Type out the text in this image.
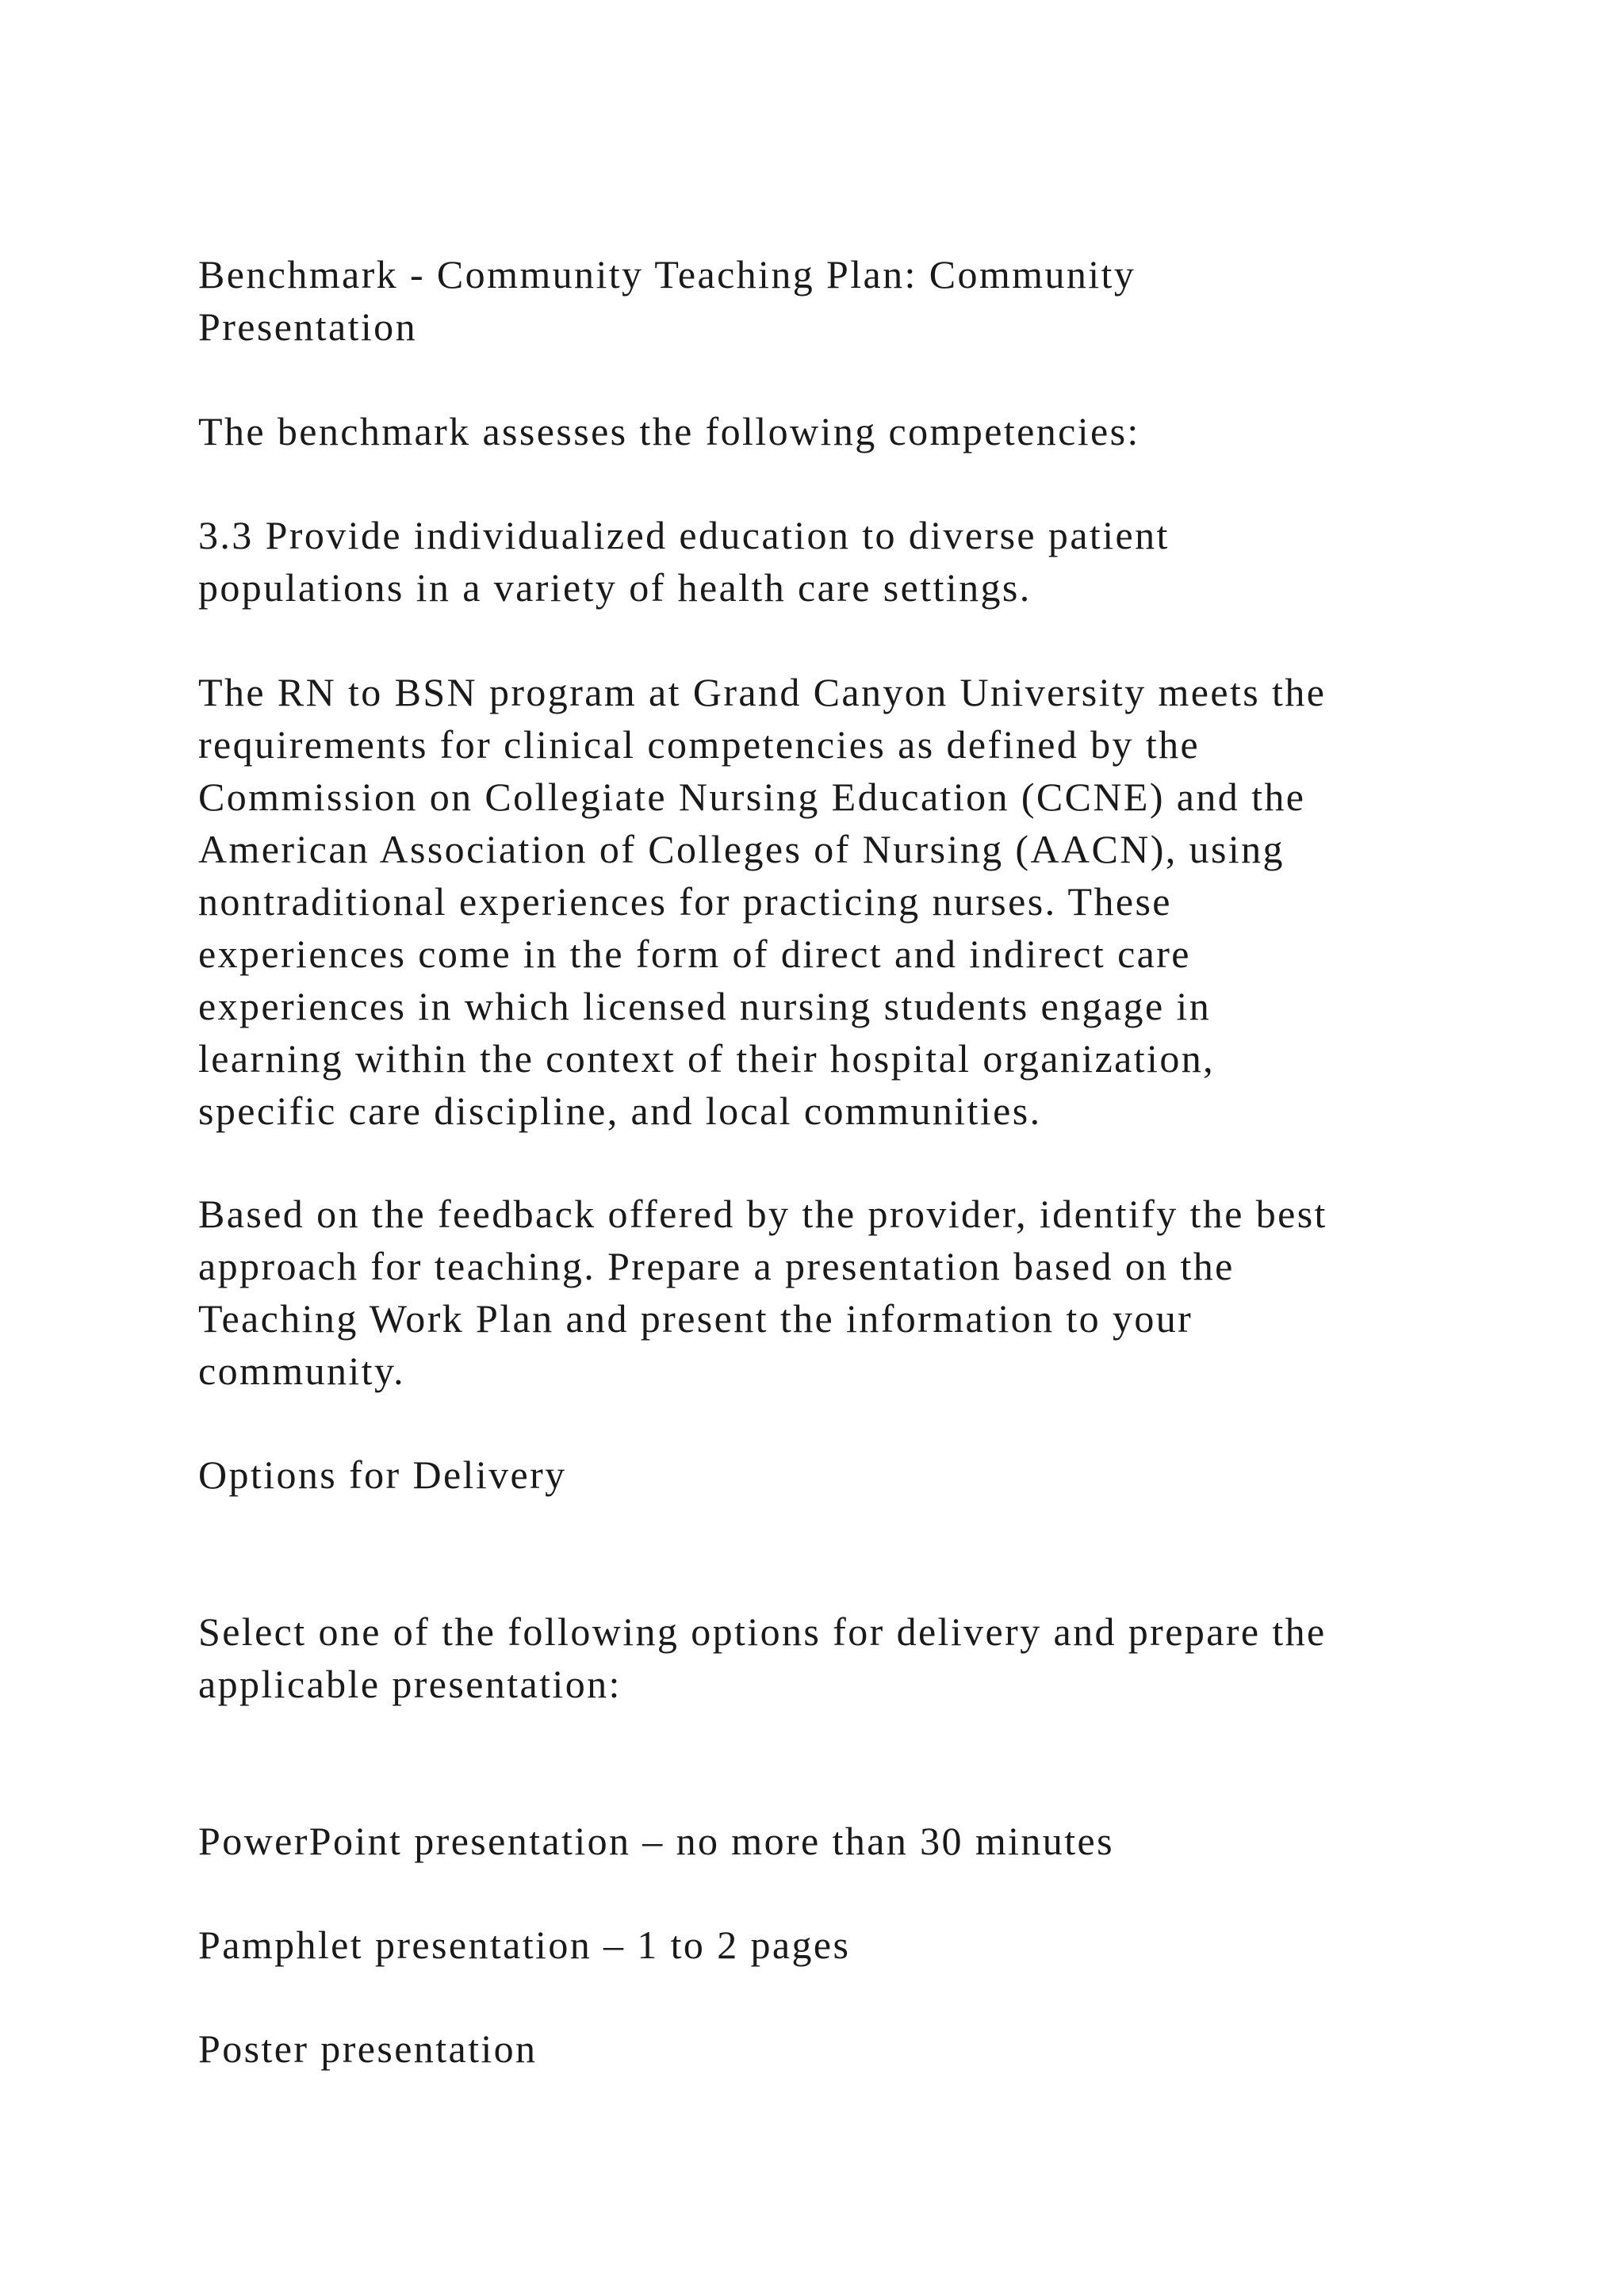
Benchmark - Community Teaching Plan: Community
Presentation

The benchmark assesses the following competencies:

3.3 Provide individualized education to diverse patient
populations in a variety of health care settings.

The RN to BSN program at Grand Canyon University meets the
requirements for clinical competencies as defined by the
Commission on Collegiate Nursing Education (CCNE) and the
American Association of Colleges of Nursing (AACN), using
nontraditional experiences for practicing nurses. These
experiences come in the form of direct and indirect care
experiences in which licensed nursing students engage in
learning within the context of their hospital organization,
specific care discipline, and local communities.

Based on the feedback offered by the provider, identify the best
approach for teaching. Prepare a presentation based on the
Teaching Work Plan and present the information to your
community.

Options for Delivery

Select one of the following options for delivery and prepare the
applicable presentation:

PowerPoint presentation – no more than 30 minutes

Pamphlet presentation – 1 to 2 pages

Poster presentation
